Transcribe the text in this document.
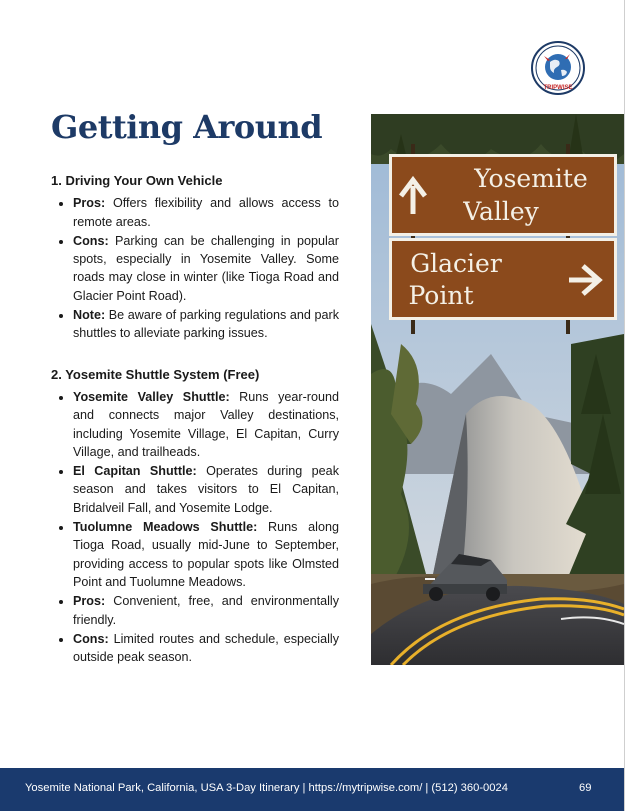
TRIPWISE
Getting Around
1. Driving Your Own Vehicle
• Pros: Offers flexibility and allows access to remote areas.
• Cons: Parking can be challenging in popular spots, especially in Yosemite Valley. Some roads may close in winter (like Tioga Road and Glacier Point Road).
• Note: Be aware of parking regulations and park shuttles to alleviate parking issues.
2. Yosemite Shuttle System (Free)
• Yosemite Valley Shuttle: Runs year-round and connects major Valley destinations, including Yosemite Village, El Capitan, Curry Village, and trailheads.
• El Capitan Shuttle: Operates during peak season and takes visitors to El Capitan, Bridalveil Fall, and Yosemite Lodge.
• Tuolumne Meadows Shuttle: Runs along Tioga Road, usually mid-June to September, providing access to popular spots like Olmsted Point and Tuolumne Meadows.
• Pros: Convenient, free, and environmentally friendly.
• Cons: Limited routes and schedule, especially outside peak season.
Yosemite
Valley
Glacier
Point
Yosemite National Park, California, USA 3-Day Itinerary | https://mytripwise.com/ | (512) 360-0024	69
